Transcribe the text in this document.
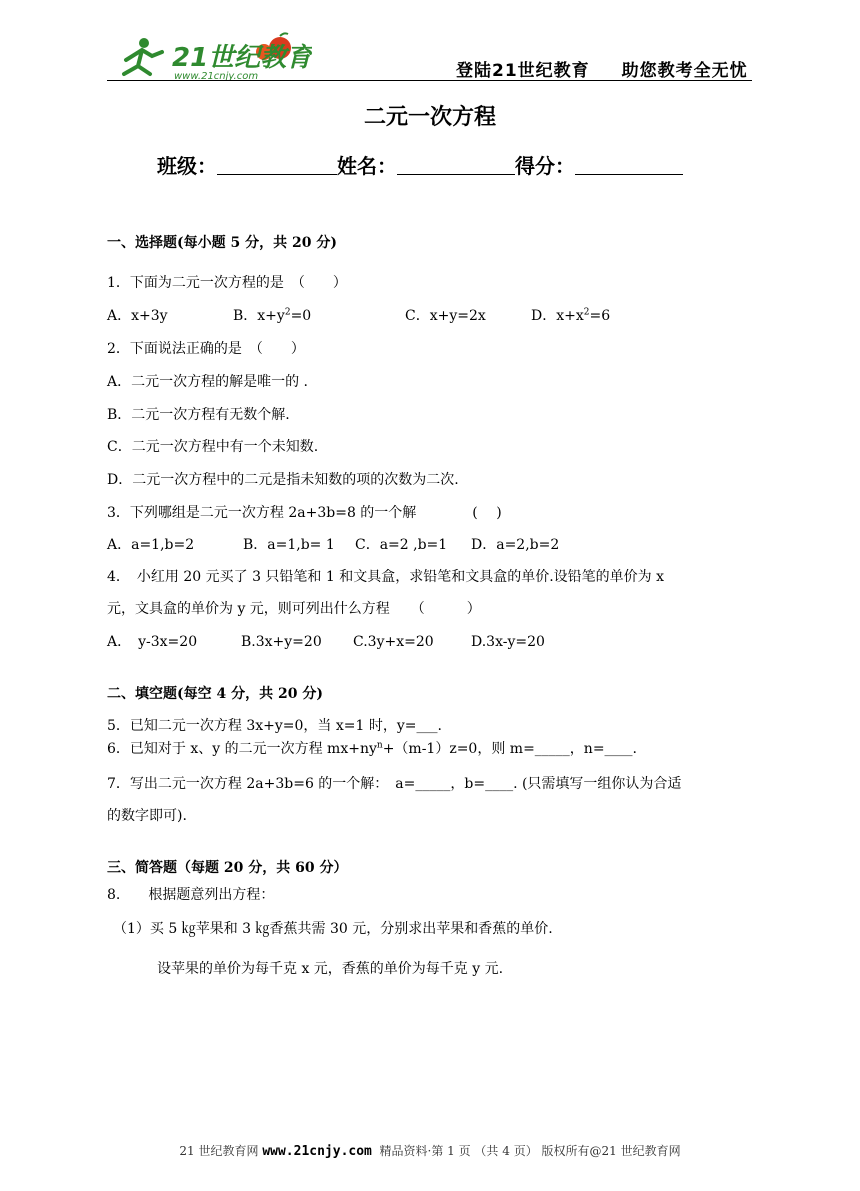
21世纪教育
www.21cnjy.com	登陆21世纪教育 助您教考全无忧
二元一次方程
班级：	姓名：	得分：
一、选择题(每小题 5 分，共 20 分)
1．下面为二元一次方程的是　（　　）
A．x+3y	B．$x+y^2=0$	C．x+y=2x	D．$x+x^2=6$
2．下面说法正确的是　（　　）
A．二元一次方程的解是唯一的 .
B．二元一次方程有无数个解.
C．二元一次方程中有一个未知数.
D．二元一次方程中的二元是指未知数的项的次数为二次.
3．下列哪组是二元一次方程 2a+3b=8 的一个解　　　　(　 )
A．a=1,b=2	B．a=1,b= 1 C．a=2 ,b=1 D．a=2,b=2
4．　小红用 20 元买了 3 只铅笔和 1 和文具盒，求铅笔和文具盒的单价.设铅笔的单价为 x
元，文具盒的单价为 y 元，则可列出什么方程　　（　　　）
A．　y-3x=20	B.3x+y=20 C.3y+x=20	D.3x-y=20
二、填空题(每空 4 分，共 20 分)
5．已知二元一次方程 3x+y=0，当 x=1 时，y=___.
6．已知对于 x、y 的二元一次方程 $mx+ny^n+(m-1)z=0$，则 m=_____，n=____.
7．写出二元一次方程 2a+3b=6 的一个解：　a=_____，b=____. (只需填写一组你认为合适
的数字即可).
三、简答题（每题 20 分，共 60 分）
8.　　根据题意列出方程：
（1）买 5 ㎏苹果和 3 ㎏香蕉共需 30 元，分别求出苹果和香蕉的单价.
设苹果的单价为每千克 x 元，香蕉的单价为每千克 y 元.
21 世纪教育网 www.21cnjy.com 精品资料·第 1 页 （共 4 页） 版权所有@21 世纪教育网
